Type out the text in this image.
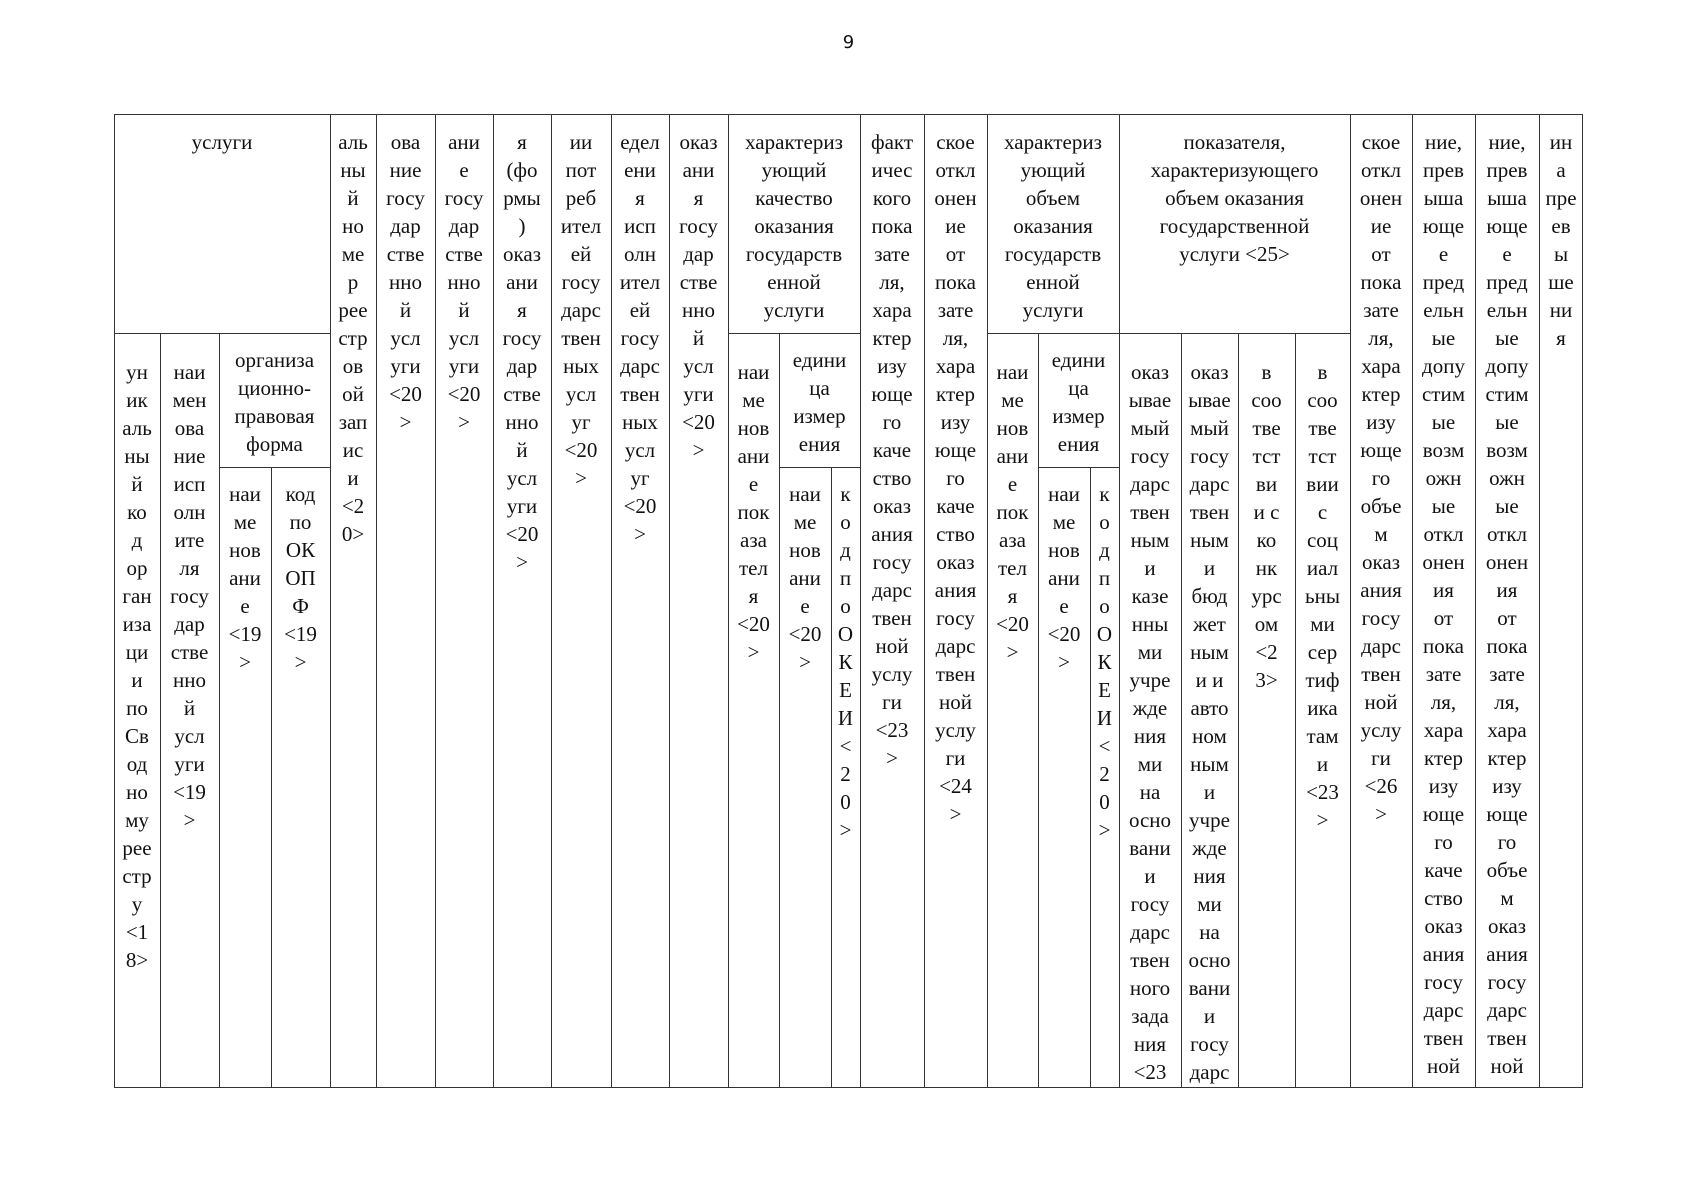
9
услуги	аль
ны
й
но
ме
р
рее
стр
ов
ой
зап
ис
и
<2
0>
ова
ние
госу
дар
стве
нно
й
усл
уги
<20
>
ани
е
госу
дар
стве
нно
й
усл
уги
<20
>
я
(фо
рмы
)
оказ
ани
я
госу
дар
стве
нно
й
усл
уги
<20
>
ии
пот
реб
ител
ей
госу
дарс
твен
ных
усл
уг
<20
>
едел
ени
я
исп
олн
ител
ей
госу
дарс
твен
ных
усл
уг
<20
>
оказ
ани
я
госу
дар
стве
нно
й
усл
уги
<20
>
характериз
ующий
качество
оказания
государств
енной
услуги
факт
ичес
кого
пока
зате
ля,
хара
ктер
изу
юще
го
каче
ство
оказ
ания
госу
дарс
твен
ной
услу
ги
<23
>
ское
откл
онен
ие
от
пока
зате
ля,
хара
ктер
изу
юще
го
каче
ство
оказ
ания
госу
дарс
твен
ной
услу
ги
<24
>
характериз
ующий
объем
оказания
государств
енной
услуги
показателя,
характеризующего
объем оказания
государственной
услуги <25>
ское
откл
онен
ие
от
пока
зате
ля,
хара
ктер
изу
юще
го
объе
м
оказ
ания
госу
дарс
твен
ной
услу
ги
<26
>
ние,
прев
ыша
юще
е
пред
ельн
ые
допу
стим
ые
возм
ожн
ые
откл
онен
ия
от
пока
зате
ля,
хара
ктер
изу
юще
го
каче
ство
оказ
ания
госу
дарс
твен
ной
ние,
прев
ыша
юще
е
пред
ельн
ые
допу
стим
ые
возм
ожн
ые
откл
онен
ия
от
пока
зате
ля,
хара
ктер
изу
юще
го
объе
м
оказ
ания
госу
дарс
твен
ной
ин
а
пре
ев
ы
ше
ни
я
ун
ик
аль
ны
й
ко
д
ор
ган
иза
ци
и
по
Св
од
но
му
рее
стр
у
<1
8>
наи
мен
ова
ние
исп
олн
ите
ля
госу
дар
стве
нно
й
усл
уги
<19
>
организа
ционно-
правовая
форма
наи
ме
нов
ани
е
пок
аза
тел
я
<20
>
едини
ца
измер
ения
наи
ме
нов
ани
е
пок
аза
тел
я
<20
>
едини
ца
измер
ения
оказ
ывае
мый
госу
дарс
твен
ным
и
казе
нны
ми
учре
жде
ния
ми
на
осно
вани
и
госу
дарс
твен
ного
зада
ния
<23
оказ
ывае
мый
госу
дарс
твен
ным
и
бюд
жет
ным
и и
авто
ном
ным
и
учре
жде
ния
ми
на
осно
вани
и
госу
дарс
в
соо
тве
тст
ви
и с
ко
нк
урс
ом
<2
3>
в
соо
тве
тст
вии
с
соц
иал
ьны
ми
сер
тиф
ика
там
и
<23
>
наи
ме
нов
ани
е
<19
>
код
по
ОК
ОП
Ф
<19
>
наи
ме
нов
ани
е
<20
>
к
о
д
п
о
О
К
Е
И
<
2
0
>
наи
ме
нов
ани
е
<20
>
к
о
д
п
о
О
К
Е
И
<
2
0
>
